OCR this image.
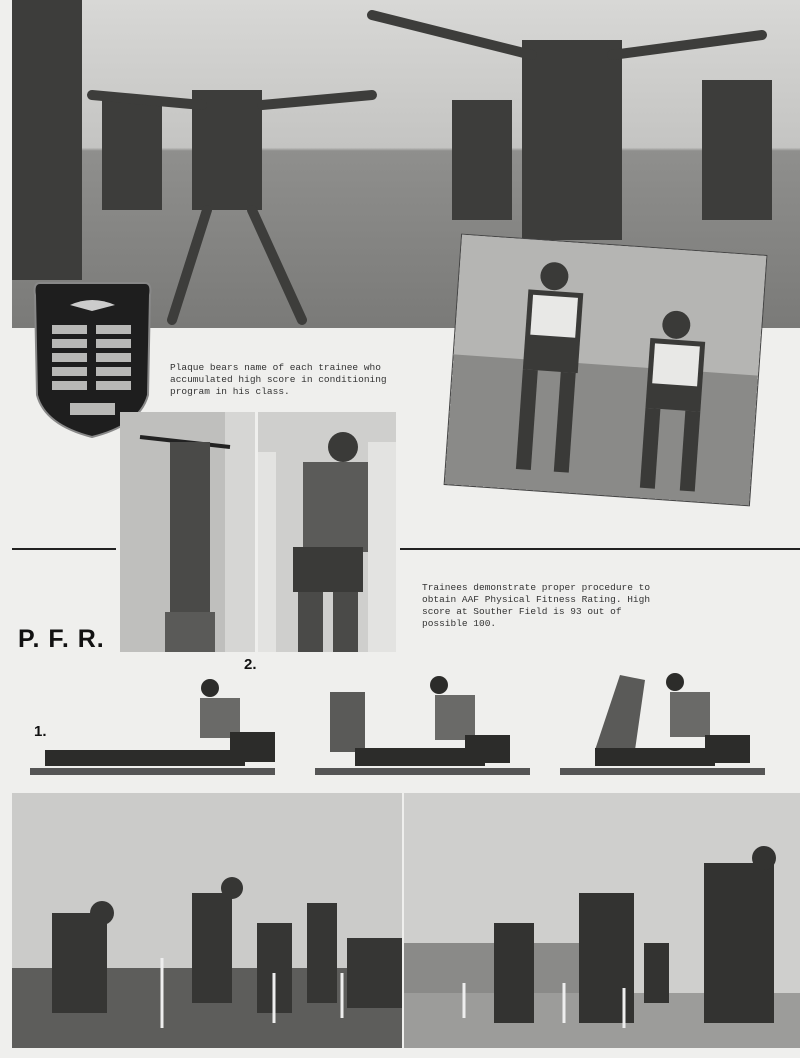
Plaque bears name of each trainee who accumulated high score in conditioning program in his class.
Trainees demonstrate proper procedure to obtain AAF Physical Fitness Rating. High score at Souther Field is 93 out of possible 100.
P. F. R.
2.
1.
